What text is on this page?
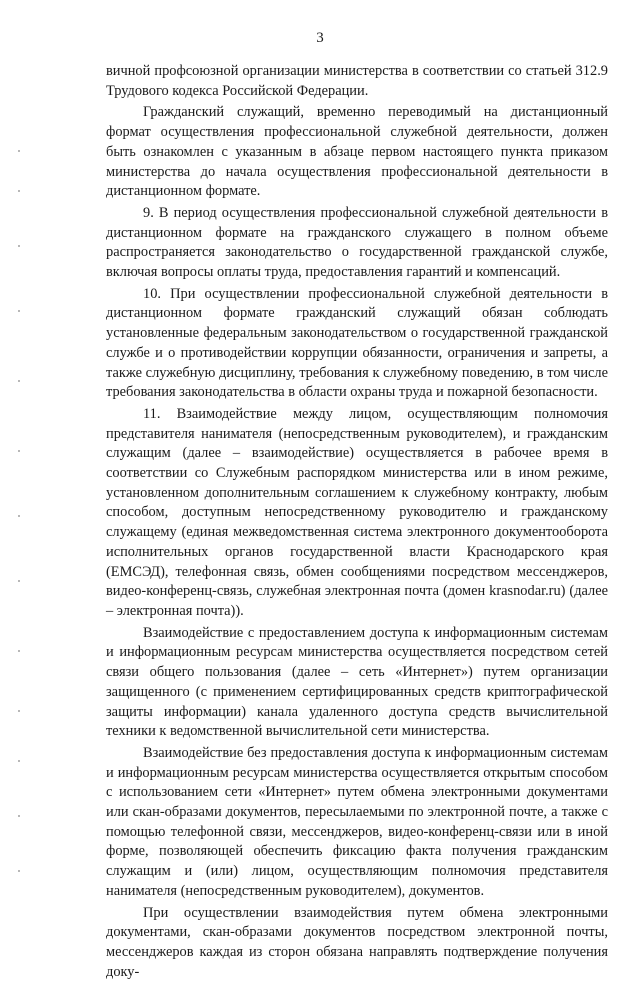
3

вичной профсоюзной организации министерства в соответствии со статьей 312.9 Трудового кодекса Российской Федерации.

Гражданский служащий, временно переводимый на дистанционный формат осуществления профессиональной служебной деятельности, должен быть ознакомлен с указанным в абзаце первом настоящего пункта приказом министерства до начала осуществления профессиональной деятельности в дистанционном формате.

9. В период осуществления профессиональной служебной деятельности в дистанционном формате на гражданского служащего в полном объеме распространяется законодательство о государственной гражданской службе, включая вопросы оплаты труда, предоставления гарантий и компенсаций.

10. При осуществлении профессиональной служебной деятельности в дистанционном формате гражданский служащий обязан соблюдать установленные федеральным законодательством о государственной гражданской службе и о противодействии коррупции обязанности, ограничения и запреты, а также служебную дисциплину, требования к служебному поведению, в том числе требования законодательства в области охраны труда и пожарной безопасности.

11. Взаимодействие между лицом, осуществляющим полномочия представителя нанимателя (непосредственным руководителем), и гражданским служащим (далее – взаимодействие) осуществляется в рабочее время в соответствии со Служебным распорядком министерства или в ином режиме, установленном дополнительным соглашением к служебному контракту, любым способом, доступным непосредственному руководителю и гражданскому служащему (единая межведомственная система электронного документооборота исполнительных органов государственной власти Краснодарского края (ЕМСЭД), телефонная связь, обмен сообщениями посредством мессенджеров, видео-конференц-связь, служебная электронная почта (домен krasnodar.ru) (далее – электронная почта)).

Взаимодействие с предоставлением доступа к информационным системам и информационным ресурсам министерства осуществляется посредством сетей связи общего пользования (далее – сеть «Интернет») путем организации защищенного (с применением сертифицированных средств криптографической защиты информации) канала удаленного доступа средств вычислительной техники к ведомственной вычислительной сети министерства.

Взаимодействие без предоставления доступа к информационным системам и информационным ресурсам министерства осуществляется открытым способом с использованием сети «Интернет» путем обмена электронными документами или скан-образами документов, пересылаемыми по электронной почте, а также с помощью телефонной связи, мессенджеров, видео-конференц-связи или в иной форме, позволяющей обеспечить фиксацию факта получения гражданским служащим и (или) лицом, осуществляющим полномочия представителя нанимателя (непосредственным руководителем), документов.

При осуществлении взаимодействия путем обмена электронными документами, скан-образами документов посредством электронной почты, мессенджеров каждая из сторон обязана направлять подтверждение получения доку-
